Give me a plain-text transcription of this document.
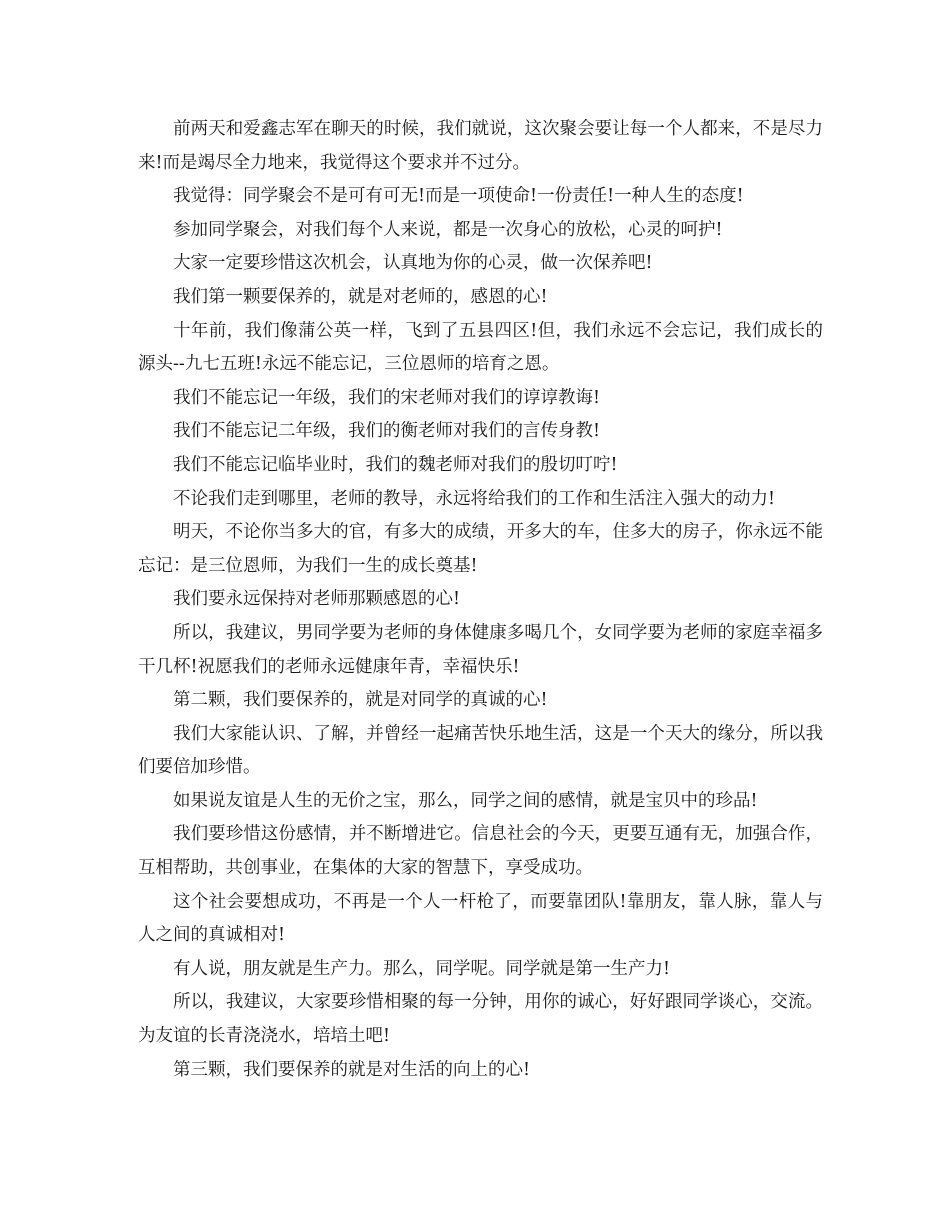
前两天和爱鑫志军在聊天的时候，我们就说，这次聚会要让每一个人都来，不是尽力来!而是竭尽全力地来，我觉得这个要求并不过分。

我觉得：同学聚会不是可有可无!而是一项使命!一份责任!一种人生的态度!

参加同学聚会，对我们每个人来说，都是一次身心的放松，心灵的呵护!

大家一定要珍惜这次机会，认真地为你的心灵，做一次保养吧!

我们第一颗要保养的，就是对老师的，感恩的心!

十年前，我们像蒲公英一样，飞到了五县四区!但，我们永远不会忘记，我们成长的源头--九七五班!永远不能忘记，三位恩师的培育之恩。

我们不能忘记一年级，我们的宋老师对我们的谆谆教诲!

我们不能忘记二年级，我们的衡老师对我们的言传身教!

我们不能忘记临毕业时，我们的魏老师对我们的殷切叮咛!

不论我们走到哪里，老师的教导，永远将给我们的工作和生活注入强大的动力!

明天，不论你当多大的官，有多大的成绩，开多大的车，住多大的房子，你永远不能忘记：是三位恩师，为我们一生的成长奠基!

我们要永远保持对老师那颗感恩的心!

所以，我建议，男同学要为老师的身体健康多喝几个，女同学要为老师的家庭幸福多干几杯!祝愿我们的老师永远健康年青，幸福快乐!

第二颗，我们要保养的，就是对同学的真诚的心!

我们大家能认识、了解，并曾经一起痛苦快乐地生活，这是一个天大的缘分，所以我们要倍加珍惜。

如果说友谊是人生的无价之宝，那么，同学之间的感情，就是宝贝中的珍品!

我们要珍惜这份感情，并不断增进它。信息社会的今天，更要互通有无，加强合作，互相帮助，共创事业，在集体的大家的智慧下，享受成功。

这个社会要想成功，不再是一个人一杆枪了，而要靠团队!靠朋友，靠人脉，靠人与人之间的真诚相对!

有人说，朋友就是生产力。那么，同学呢。同学就是第一生产力!

所以，我建议，大家要珍惜相聚的每一分钟，用你的诚心，好好跟同学谈心，交流。为友谊的长青浇浇水，培培土吧!

第三颗，我们要保养的就是对生活的向上的心!
